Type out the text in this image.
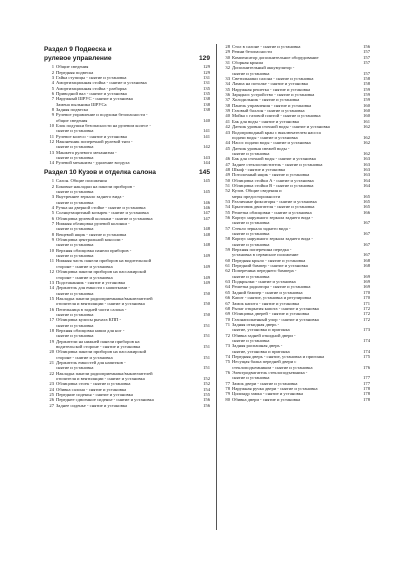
Раздел 9 Подвеска и
рулевое управление	129
1 Общие сведения	129
2 Передняя подвеска	129
3 Гайка ступицы - снятие и установка	131
4 Амортизационная стойка - снятие и установка	131
5 Амортизационная стойка - разборка	135
6 Приводной вал - снятие и установка	135
7 Наружный ШРУС - снятие и установка	138
Замена пыльника ШРУСа	138
8 Задняя подвеска	138
9 Рулевое управление и подушки безопасности -
общие сведения	140
10 Блок подушки безопасности на рулевом колесе -
снятие и установка	141
11 Рулевое колесо - снятие и установка	141
12 Наконечник поперечной рулевой тяги -
снятие и установка	142
13 Манжета рулевого механизма -
снятие и установка	143
14 Рулевой механизм - удаление воздуха	144
Раздел 10 Кузов и отделка салона	145
1 Салон. Общие положения	145
2 Боковые накладки на панели приборов -
снятие и установка	145
3 Внутреннее зеркало заднего вида -
снятие и установка	146
4 Ручка на дверной стойке - снятие и установка	146
5 Солнцезащитный козырек - снятие и установка	147
6 Облицовка рулевой колонки - снятие и установка	147
7 Нижняя облицовка рулевой колонки -
снятие и установка	148
8 Вещевой ящик - снятие и установка	148
9 Облицовка центральной консоли -
снятие и установка	148
10 Верхняя облицовка панели приборов -
снятие и установка	149
11 Нижняя часть панели приборов на водительской
стороне - снятие и установка	149
12 Облицовка панели приборов на пассажирской
стороне - снятие и установка	149
13 Подстаканник - снятие и установка	149
14 Держатель для емкости с напитками -
снятие и установка	150
15 Накладка панели радиоприемника/выключателей
отопителя и вентиляции - снятие и установка	150
16 Пепельница в задней части салона -
снятие и установка	150
17 Облицовка кулисы рычага КПП -
снятие и установка	151
18 Верхняя облицовка ниши для ног -
снятие и установка	151
19 Держатели на нижней панели приборов на
водительской стороне - снятие и установка	151
20 Облицовка панели приборов на пассажирской
стороне - снятие и установка	151
21 Держатель емкостей для напитков -
снятие и установка	151
22 Накладка панели радиоприемника/выключателей
отопителя и вентиляции - снятие и установка	152
23 Облицовка стоек - снятие и установка	152
24 Обивка салона - снятие и установка	154
25 Передние сиденья - снятие и установка	155
26 Переднее сдвоенное сиденье - снятие и установка	156
27 Заднее сиденье - снятие и установка	156
28 Стол в салоне - снятие и установка	156
29 Ремни безопасности	157
30 Компенсатор дополнительное оборудование	157
31 Сборная крыша	157
32 Дополнительный аккумулятор -
снятие и установка	157
33 Светильники салона - снятие и установка	158
34 Лампа на потолке - снятие и установка	158
35 Наружная решетка - снятие и установка	159
36 Заряднос устройство - снятие и установка	159
37 Холодильник - снятие и установка	159
38 Панель управления - снятие и установка	160
39 Газовый баллон - снятие и установка	160
40 Мойка с газовой плитой - снятие и установка	160
41 Бак для воды - снятие и установка	161
42 Датчик уровня сточной воды - снятие и установка	162
43 Водопроводный кран с выключателем насоса
подачи воды - снятие и установка	162
44 Насос подачи воды - снятие и установка	162
45 Датчик уровня свежей воды -
снятие и установка	162
46 Бак для сточной воды - снятие и установка	163
47 Заднее стеклоочиститель - снятие и установка	163
48 Шкаф - снятие и установка	163
49 Потолочный ящик - снятие и установка	163
50 Облицовка стойки А - снятие и установка	164
51 Облицовка стойки В - снятие и установка	164
52 Кузов. Общие сведения и
меры предосторожности	165
53 Различные фиксаторы - снятие и установка	165
54 Брызговик двигателя - снятие и установка	165
55 Решетка облицовки - снятие и установка	166
56 Корпус наружного зеркала заднего вида -
снятие и установка	167
57 Стекло зеркала заднего вида -
снятие и установка	167
58 Корпус наружного зеркала заднего вида -
снятие и установка	167
59 Верхняя поперечина передка -
установка в сервисное положение	167
60 Передняя крыло - снятие и установка	168
61 Передний бампер - снятие и установка	168
62 Поперечина переднего бампера -
снятие и установка	169
63 Подкрылки - снятие и установка	169
64 Решетка радиатора - снятие и установка	169
65 Задний бампер - снятие и установка	170
66 Капот - снятие, установка и регулировка	170
67 Замок капота - снятие и установка	171
68 Рычаг открытия капота - снятие и установка	172
69 Облицовка дверей - снятие и установка	172
70 Газонаполненный упор - снятие и установка	172
71 Задняя откидная дверь -
снятие, установка и пригонка	173
72 Обивка задней откидной двери -
снятие и установка	174
73 Задняя распашная дверь -
снятие, установка и пригонка	174
74 Передняя дверь - снятие, установка и пригонка	175
75 Несущая балка передней двери с
стеклоподъемником - снятие и установка	176
76 Электродвигатель стеклоподъемника -
снятие и установка	177
77 Замок двери - снятие и установка	177
78 Наружная ручка двери - снятие и установка	178
79 Цилиндр замка - снятие и установка	178
80 Обивка двери - снятие и установка	178
